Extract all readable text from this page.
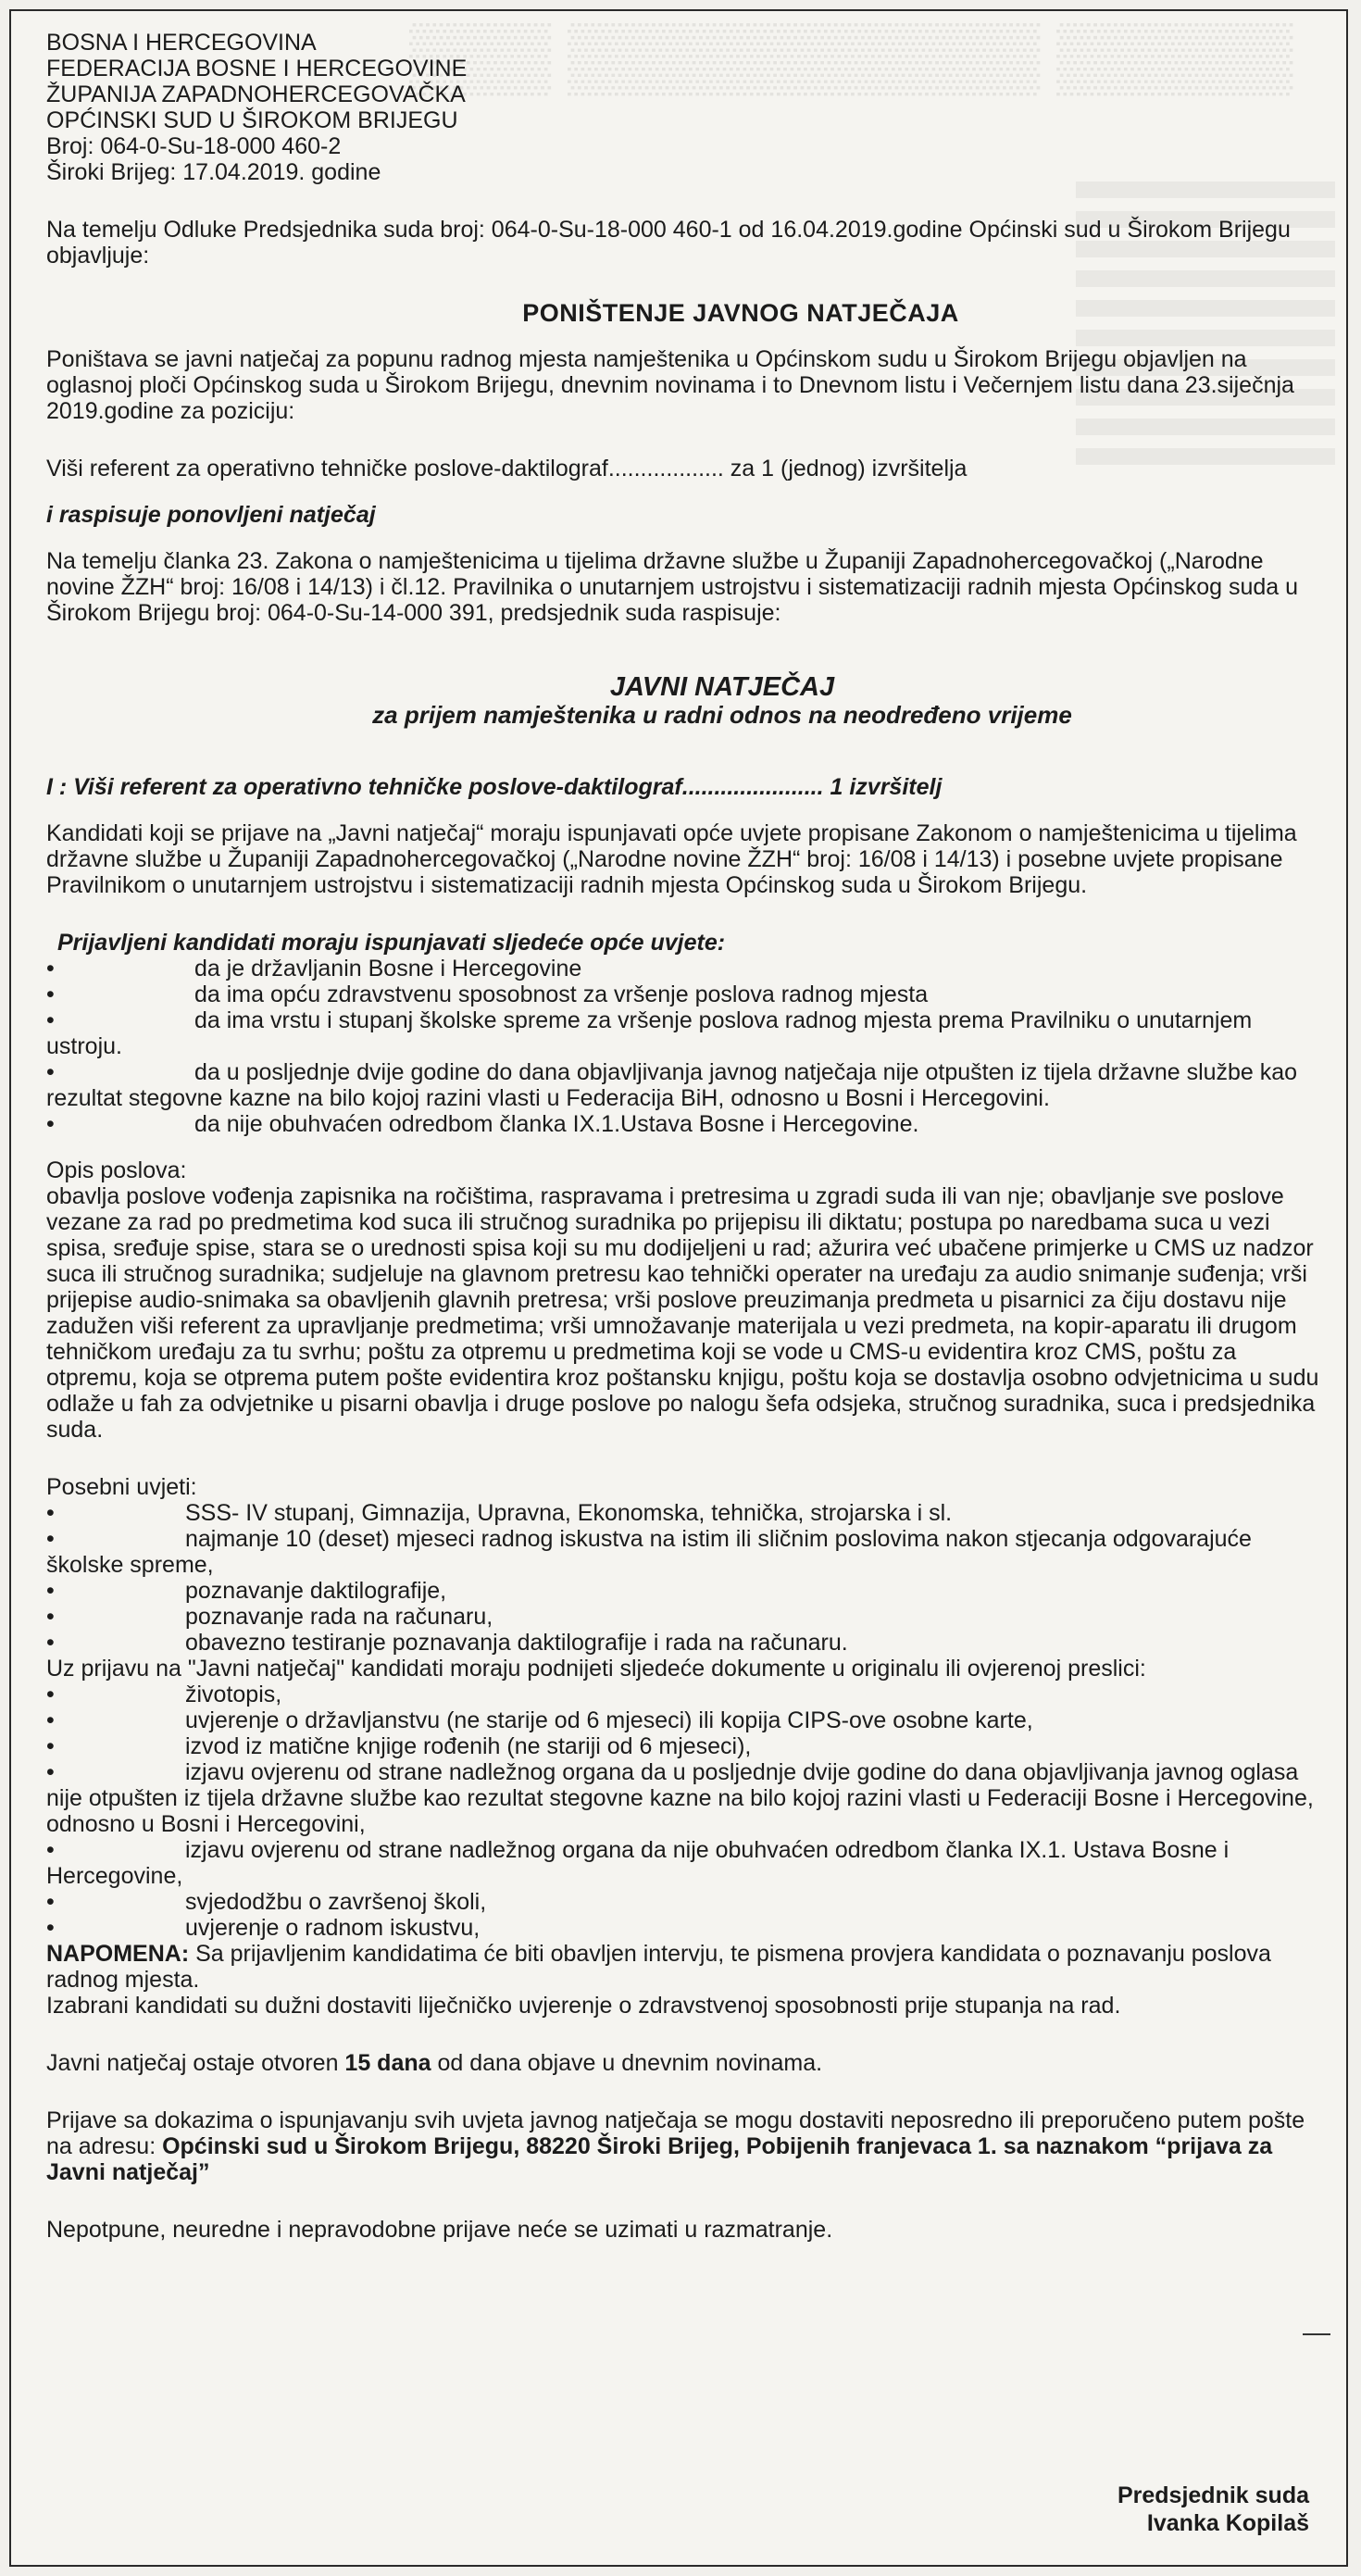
▒▒▒ ▒▒▒▒▒▒▒▒▒▒ ▒▒▒▒▒
BOSNA I HERCEGOVINA
FEDERACIJA BOSNE I HERCEGOVINE
ŽUPANIJA ZAPADNOHERCEGOVAČKA
OPĆINSKI SUD U ŠIROKOM BRIJEGU
Broj: 064-0-Su-18-000 460-2
Široki Brijeg: 17.04.2019. godine

Na temelju Odluke Predsjednika suda broj: 064-0-Su-18-000 460-1 od 16.04.2019.godine Općinski sud u Širokom Brijegu objavljuje:

PONIŠTENJE JAVNOG NATJEČAJA

Poništava se javni natječaj za popunu radnog mjesta namještenika u Općinskom sudu u Širokom Brijegu objavljen na oglasnoj ploči Općinskog suda u Širokom Brijegu, dnevnim novinama i to Dnevnom listu i Večernjem listu dana 23.siječnja 2019.godine za poziciju:

Viši referent za operativno tehničke poslove-daktilograf.................. za 1 (jednog) izvršitelja

i raspisuje ponovljeni natječaj

Na temelju članka 23. Zakona o namještenicima u tijelima državne službe u Županiji Zapadnohercegovačkoj („Narodne novine ŽZH“ broj: 16/08 i 14/13) i čl.12. Pravilnika o unutarnjem ustrojstvu i sistematizaciji radnih mjesta Općinskog suda u Širokom Brijegu broj: 064-0-Su-14-000 391, predsjednik suda raspisuje:

JAVNI NATJEČAJ
za prijem namještenika u radni odnos na neodređeno vrijeme

I : Viši referent za operativno tehničke poslove-daktilograf...................... 1 izvršitelj

Kandidati koji se prijave na „Javni natječaj“ moraju ispunjavati opće uvjete propisane Zakonom o namještenicima u tijelima državne službe u Županiji Zapadnohercegovačkoj („Narodne novine ŽZH“ broj: 16/08 i 14/13) i posebne uvjete propisane Pravilnikom o unutarnjem ustrojstvu i sistematizaciji radnih mjesta Općinskog suda u Širokom Brijegu.

Prijavljeni kandidati moraju ispunjavati sljedeće opće uvjete:

•	da je državljanin Bosne i Hercegovine
•	da ima opću zdravstvenu sposobnost za vršenje poslova radnog mjesta
•	da ima vrstu i stupanj školske spreme za vršenje poslova radnog mjesta prema Pravilniku o unutarnjem ustroju.
•	da u posljednje dvije godine do dana objavljivanja javnog natječaja nije otpušten iz tijela državne službe kao rezultat stegovne kazne na bilo kojoj razini vlasti u Federacija BiH, odnosno u Bosni i Hercegovini.
•	da nije obuhvaćen odredbom članka IX.1.Ustava Bosne i Hercegovine.

Opis poslova:

obavlja poslove vođenja zapisnika na ročištima, raspravama i pretresima u zgradi suda ili van nje; obavljanje sve poslove vezane za rad po predmetima kod suca ili stručnog suradnika po prijepisu ili diktatu; postupa po naredbama suca u vezi spisa, sređuje spise, stara se o urednosti spisa koji su mu dodijeljeni u rad; ažurira već ubačene primjerke u CMS uz nadzor suca ili stručnog suradnika; sudjeluje na glavnom pretresu kao tehnički operater na uređaju za audio snimanje suđenja; vrši prijepise audio-snimaka sa obavljenih glavnih pretresa; vrši poslove preuzimanja predmeta u pisarnici za čiju dostavu nije zadužen viši referent za upravljanje predmetima; vrši umnožavanje materijala u vezi predmeta, na kopir-aparatu ili drugom tehničkom uređaju za tu svrhu; poštu za otpremu u predmetima koji se vode u CMS-u evidentira kroz CMS, poštu za otpremu, koja se otprema putem pošte evidentira kroz poštansku knjigu, poštu koja se dostavlja osobno odvjetnicima u sudu odlaže u fah za odvjetnike u pisarni obavlja i druge poslove po nalogu šefa odsjeka, stručnog suradnika, suca i predsjednika suda.

Posebni uvjeti:

•	SSS- IV stupanj, Gimnazija, Upravna, Ekonomska, tehnička, strojarska i sl.
•	najmanje 10 (deset) mjeseci radnog iskustva na istim ili sličnim poslovima nakon stjecanja odgovarajuće školske spreme,
•	poznavanje daktilografije,
•	poznavanje rada na računaru,
•	obavezno testiranje poznavanja daktilografije i rada na računaru.

Uz prijavu na "Javni natječaj" kandidati moraju podnijeti sljedeće dokumente u originalu ili ovjerenoj preslici:

•	životopis,
•	uvjerenje o državljanstvu (ne starije od 6 mjeseci) ili kopija CIPS-ove osobne karte,
•	izvod iz matične knjige rođenih (ne stariji od 6 mjeseci),
•	izjavu ovjerenu od strane nadležnog organa da u posljednje dvije godine do dana objavljivanja javnog oglasa nije otpušten iz tijela državne službe kao rezultat stegovne kazne na bilo kojoj razini vlasti u Federaciji Bosne i Hercegovine, odnosno u Bosni i Hercegovini,
•	izjavu ovjerenu od strane nadležnog organa da nije obuhvaćen odredbom članka IX.1. Ustava Bosne i Hercegovine,
•	svjedodžbu o završenoj školi,
•	uvjerenje o radnom iskustvu,

NAPOMENA: Sa prijavljenim kandidatima će biti obavljen intervju, te pismena provjera kandidata o poznavanju poslova radnog mjesta.

Izabrani kandidati su dužni dostaviti liječničko uvjerenje o zdravstvenoj sposobnosti prije stupanja na rad.

Javni natječaj ostaje otvoren 15 dana od dana objave u dnevnim novinama.

Prijave sa dokazima o ispunjavanju svih uvjeta javnog natječaja se mogu dostaviti neposredno ili preporučeno putem pošte na adresu: Općinski sud u Širokom Brijegu, 88220 Široki Brijeg, Pobijenih franjevaca 1. sa naznakom “prijava za Javni natječaj”

Nepotpune, neuredne i nepravodobne prijave neće se uzimati u razmatranje.

Predsjednik suda
Ivanka Kopilaš
